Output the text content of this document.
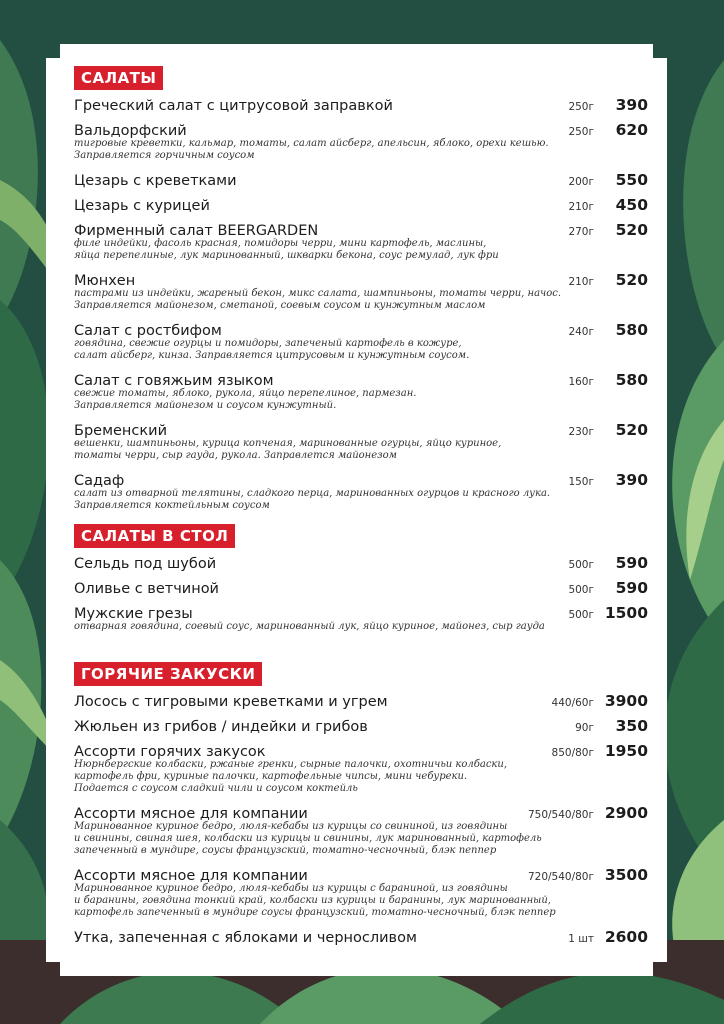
САЛАТЫ
Греческий салат с цитрусовой заправкой	250г 390
Вальдорфский	250г 620
тигровые креветки, кальмар, томаты, салат айсберг, апельсин, яблоко, орехи кешью.
Заправляется горчичным соусом
Цезарь с креветками	200г 550
Цезарь с курицей	210г 450
Фирменный салат BEERGARDEN	270г 520
филе индейки, фасоль красная, помидоры черри, мини картофель, маслины,
яйца перепелиные, лук маринованный, шкварки бекона, соус ремулад, лук фри
Мюнхен	210г 520
пастрами из индейки, жареный бекон, микс салата, шампиньоны, томаты черри, начос.
Заправляется майонезом, сметаной, соевым соусом и кунжутным маслом
Салат с ростбифом	240г 580
говядина, свежие огурцы и помидоры, запеченый картофель в кожуре,
салат айсберг, кинза. Заправляется цитрусовым и кунжутным соусом.
Салат с говяжьим языком	160г 580
свежие томаты, яблоко, рукола, яйцо перепелиное, пармезан.
Заправляется майонезом и соусом кунжутный.
Бременский	230г 520
вешенки, шампиньоны, курица копченая, маринованные огурцы, яйцо куриное,
томаты черри, сыр гауда, рукола. Заправлется майонезом
Садаф	150г 390
салат из отварной телятины, сладкого перца, маринованных огурцов и красного лука.
Заправляется коктейльным соусом
САЛАТЫ В СТОЛ
Сельдь под шубой	500г 590
Оливье с ветчиной	500г 590
Мужские грезы	500г 1500
отварная говядина, соевый соус, маринованный лук, яйцо куриное, майонез, сыр гауда
ГОРЯЧИЕ ЗАКУСКИ
Лосось с тигровыми креветками и угрем	440/60г 3900
Жюльен из грибов / индейки и грибов	90г 350
Ассорти горячих закусок	850/80г 1950
Нюрнбергские колбаски, ржаные гренки, сырные палочки, охотничьи колбаски,
картофель фри, куриные палочки, картофельные чипсы, мини чебуреки.
Подается с соусом сладкий чили и соусом коктейль
Ассорти мясное для компании	750/540/80г 2900
Маринованное куриное бедро, люля-кебабы из курицы со свининой, из говядины
и свинины, свиная шея, колбаски из курицы и свинины, лук маринованный, картофель
запеченный в мундире, соусы французский, томатно-чесночный, блэк пеппер
Ассорти мясное для компании	720/540/80г 3500
Маринованное куриное бедро, люля-кебабы из курицы с бараниной, из говядины
и баранины, говядина тонкий край, колбаски из курицы и баранины, лук маринованный,
картофель запеченный в мундире соусы французский, томатно-чесночный, блэк пеппер
Утка, запеченная с яблоками и черносливом	1 шт 2600
